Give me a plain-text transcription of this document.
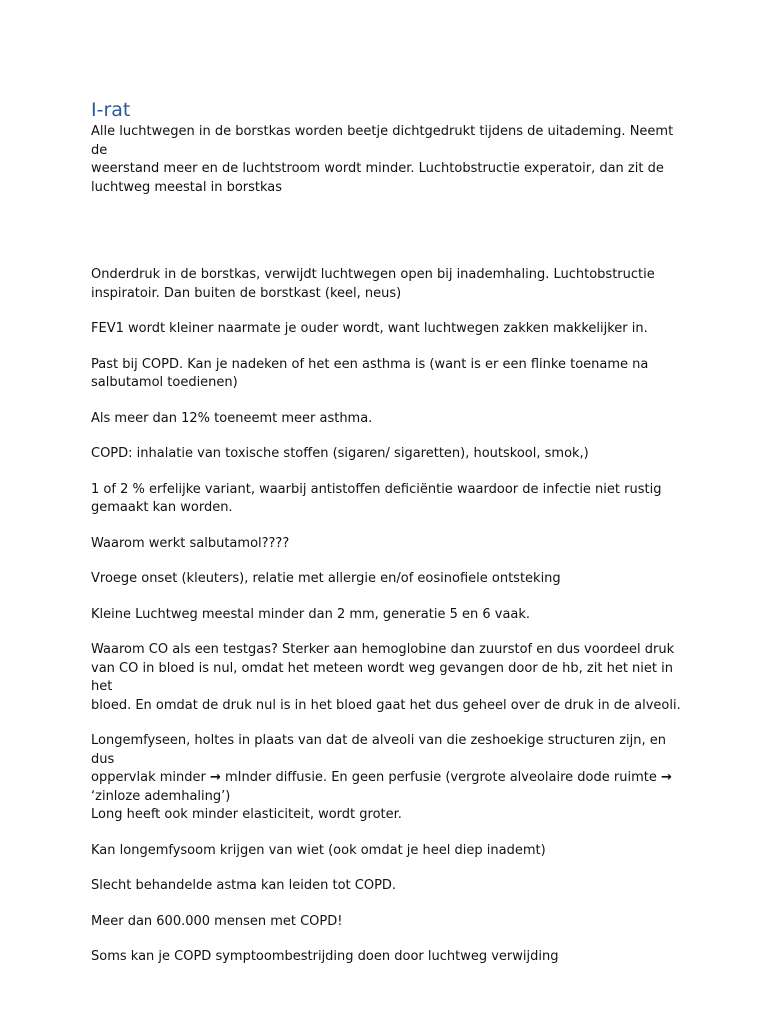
I-rat

Alle luchtwegen in de borstkas worden beetje dichtgedrukt tijdens de uitademing. Neemt de
weerstand meer en de luchtstroom wordt minder. Luchtobstructie experatoir, dan zit de
luchtweg meestal in borstkas

Onderdruk in de borstkas, verwijdt luchtwegen open bij inademhaling. Luchtobstructie
inspiratoir. Dan buiten de borstkast (keel, neus)

FEV1 wordt kleiner naarmate je ouder wordt, want luchtwegen zakken makkelijker in.

Past bij COPD. Kan je nadeken of het een asthma is (want is er een flinke toename na
salbutamol toedienen)

Als meer dan 12% toeneemt meer asthma.

COPD: inhalatie van toxische stoffen (sigaren/ sigaretten), houtskool, smok,)

1 of 2 % erfelijke variant, waarbij antistoffen deficiëntie waardoor de infectie niet rustig
gemaakt kan worden.

Waarom werkt salbutamol????

Vroege onset (kleuters), relatie met allergie en/of eosinofiele ontsteking

Kleine Luchtweg meestal minder dan 2 mm, generatie 5 en 6 vaak.

Waarom CO als een testgas? Sterker aan hemoglobine dan zuurstof en dus voordeel druk
van CO in bloed is nul, omdat het meteen wordt weg gevangen door de hb, zit het niet in het
bloed. En omdat de druk nul is in het bloed gaat het dus geheel over de druk in de alveoli.

Longemfyseen, holtes in plaats van dat de alveoli van die zeshoekige structuren zijn, en dus
oppervlak minder → mInder diffusie. En geen perfusie (vergrote alveolaire dode ruimte →
‘zinloze ademhaling’)
Long heeft ook minder elasticiteit, wordt groter.

Kan longemfysoom krijgen van wiet (ook omdat je heel diep inademt)

Slecht behandelde astma kan leiden tot COPD.

Meer dan 600.000 mensen met COPD!

Soms kan je COPD symptoombestrijding doen door luchtweg verwijding
